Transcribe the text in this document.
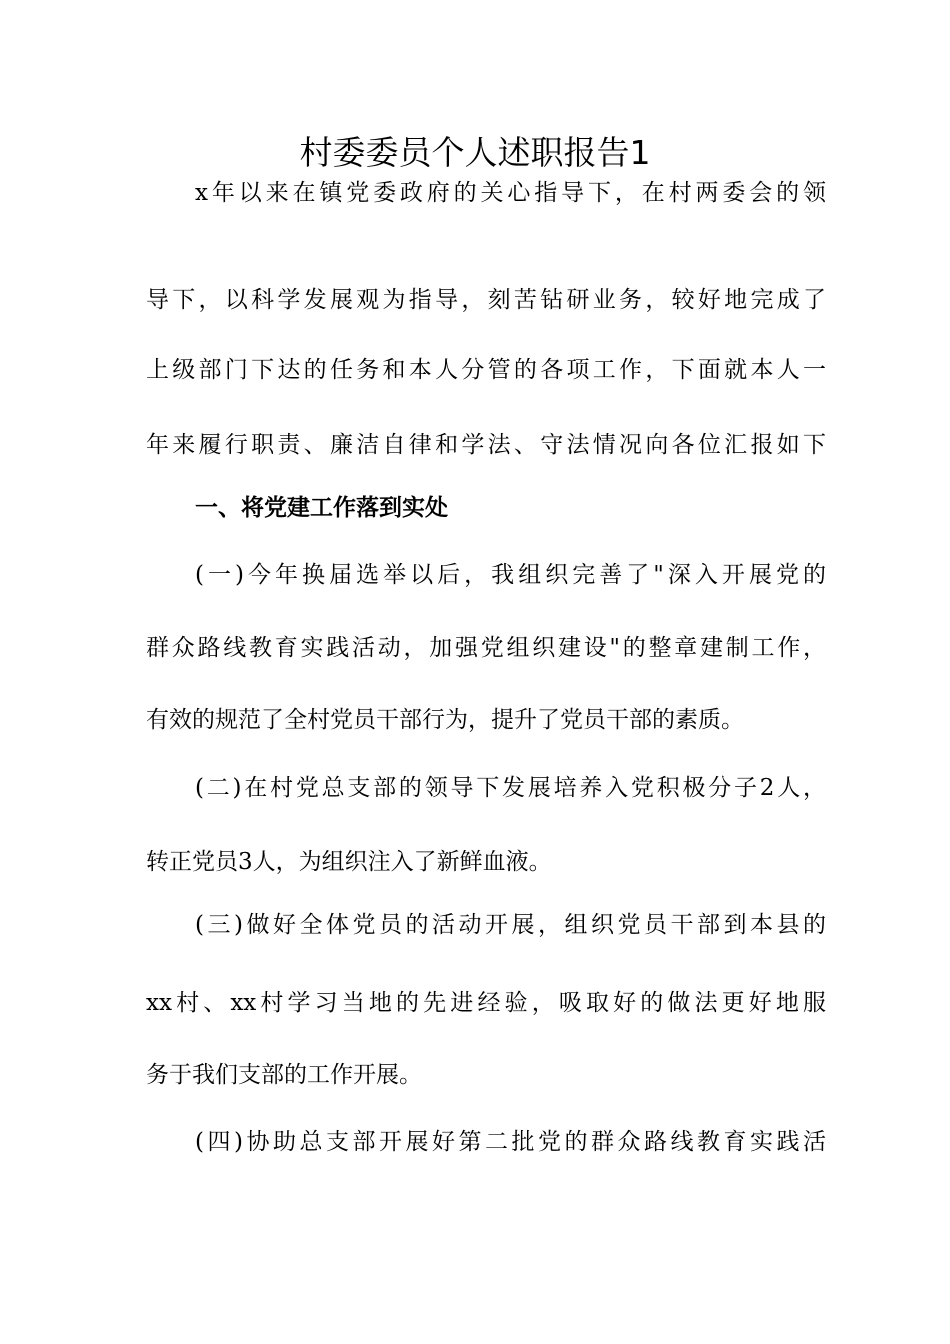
村委委员个人述职报告1

x年以来在镇党委政府的关心指导下，在村两委会的领

导下，以科学发展观为指导，刻苦钻研业务，较好地完成了

上级部门下达的任务和本人分管的各项工作，下面就本人一

年来履行职责、廉洁自律和学法、守法情况向各位汇报如下

一、将党建工作落到实处

(一)今年换届选举以后，我组织完善了"深入开展党的

群众路线教育实践活动，加强党组织建设"的整章建制工作，

有效的规范了全村党员干部行为，提升了党员干部的素质。

(二)在村党总支部的领导下发展培养入党积极分子2人，

转正党员3人，为组织注入了新鲜血液。

(三)做好全体党员的活动开展，组织党员干部到本县的

xx村、xx村学习当地的先进经验，吸取好的做法更好地服

务于我们支部的工作开展。

(四)协助总支部开展好第二批党的群众路线教育实践活
